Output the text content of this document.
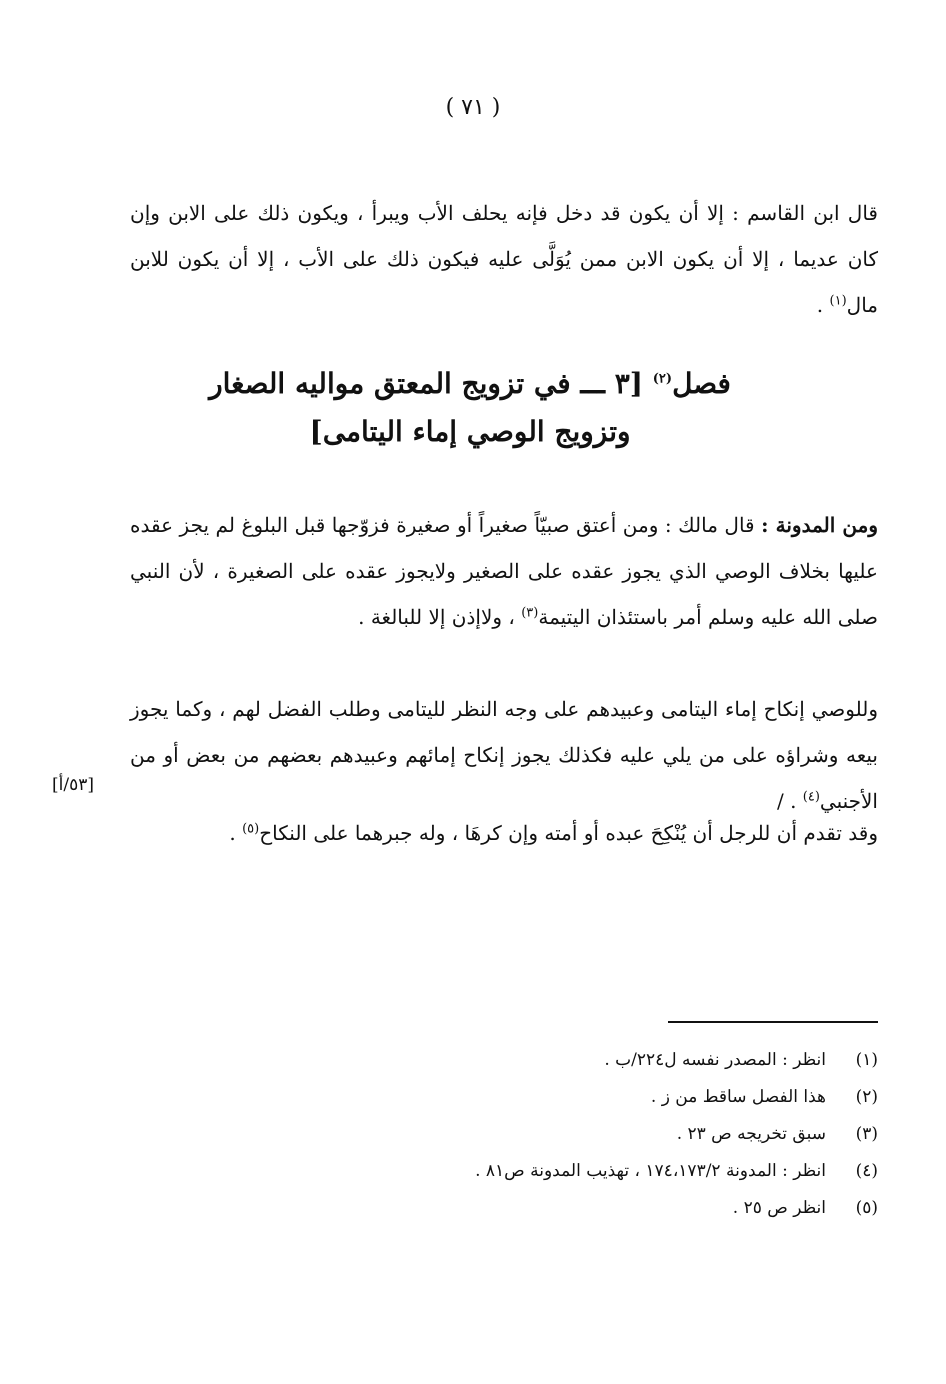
( ٧١ )
قال ابن القاسم : إلا أن يكون قد دخل فإنه يحلف الأب ويبرأ ، ويكون ذلك على الابن وإن كان عديما ، إلا أن يكون الابن ممن يُوَلَّى عليه فيكون ذلك على الأب ، إلا أن يكون للابن مال$^{(١)}$ .
فصل$^{(٢)}$ [٣ ـــ في تزويج المعتق مواليه الصغار
وتزويج الوصي إماء اليتامى]
ومن المدونة : قال مالك : ومن أعتق صبيّاً صغيراً أو صغيرة فزوّجها قبل البلوغ لم يجز عقده عليها بخلاف الوصي الذي يجوز عقده على الصغير ولايجوز عقده على الصغيرة ، لأن النبي صلى الله عليه وسلم أمر باستئذان اليتيمة$^{(٣)}$ ، ولاإذن إلا للبالغة .
وللوصي إنكاح إماء اليتامى وعبيدهم على وجه النظر لليتامى وطلب الفضل لهم ، وكما يجوز بيعه وشراؤه على من يلي عليه فكذلك يجوز إنكاح إمائهم وعبيدهم بعضهم من بعض أو من الأجنبي$^{(٤)}$ . /
[٥٣/أ]
وقد تقدم أن للرجل أن يُنْكِحَ عبده أو أمته وإن كرهَا ، وله جبرهما على النكاح$^{(٥)}$ .
(١)
انظر : المصدر نفسه ل٢٢٤/ب .
(٢)
هذا الفصل ساقط من ز .
(٣)
سبق تخريجه ص ٢٣ .
(٤)
انظر : المدونة ١٧٤،١٧٣/٢ ، تهذيب المدونة ص٨١ .
(٥)
انظر ص ٢٥ .
